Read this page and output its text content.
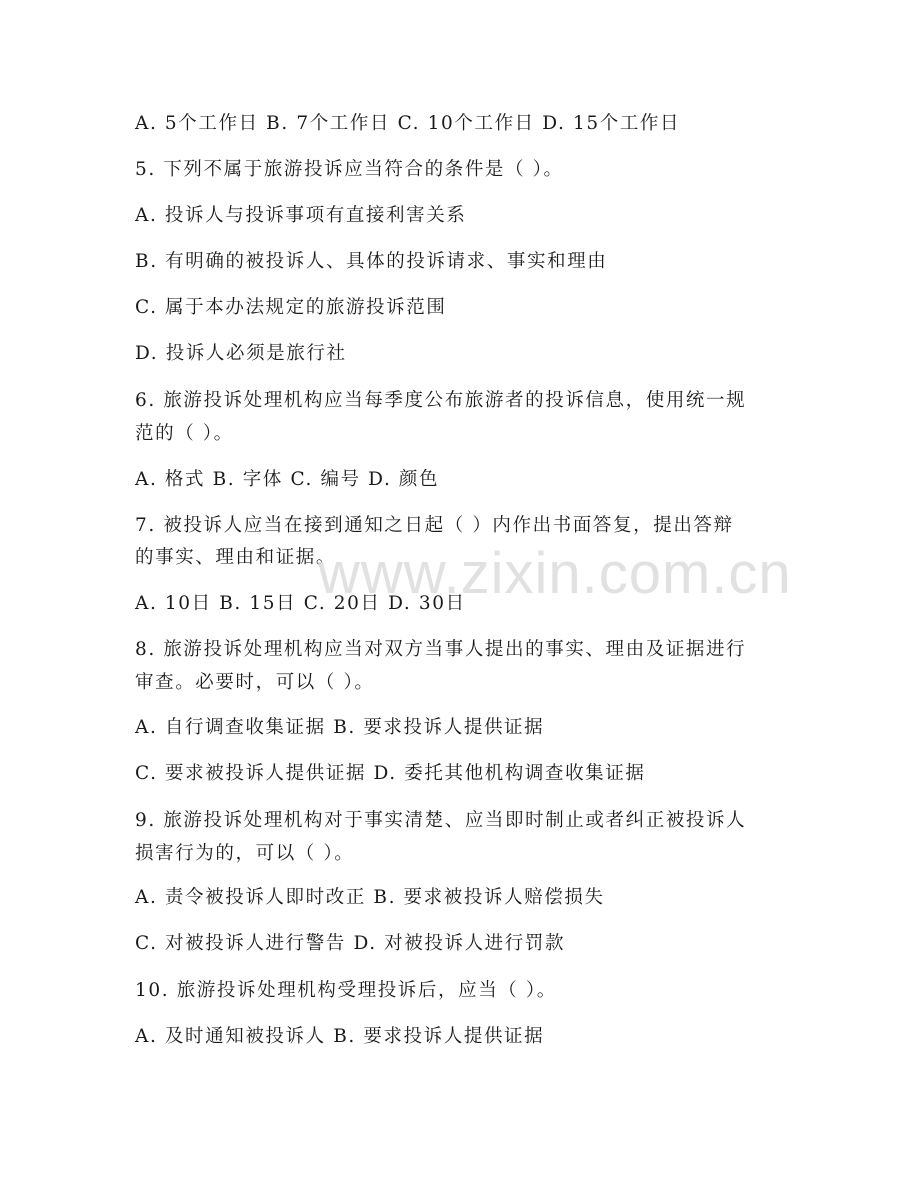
A. 5个工作日 B. 7个工作日 C. 10个工作日 D. 15个工作日
5. 下列不属于旅游投诉应当符合的条件是（ ）。
A. 投诉人与投诉事项有直接利害关系
B. 有明确的被投诉人、具体的投诉请求、事实和理由
C. 属于本办法规定的旅游投诉范围
D. 投诉人必须是旅行社
6. 旅游投诉处理机构应当每季度公布旅游者的投诉信息，使用统一规
范的（ ）。
A. 格式 B. 字体 C. 编号 D. 颜色
7. 被投诉人应当在接到通知之日起（ ）内作出书面答复，提出答辩
的事实、理由和证据。
A. 10日 B. 15日 C. 20日 D. 30日
8. 旅游投诉处理机构应当对双方当事人提出的事实、理由及证据进行
审查。必要时，可以（ ）。
A. 自行调查收集证据 B. 要求投诉人提供证据
C. 要求被投诉人提供证据 D. 委托其他机构调查收集证据
9. 旅游投诉处理机构对于事实清楚、应当即时制止或者纠正被投诉人
损害行为的，可以（ ）。
A. 责令被投诉人即时改正 B. 要求被投诉人赔偿损失
C. 对被投诉人进行警告 D. 对被投诉人进行罚款
10. 旅游投诉处理机构受理投诉后，应当（ ）。
A. 及时通知被投诉人 B. 要求投诉人提供证据
www.zixin.com.cn
